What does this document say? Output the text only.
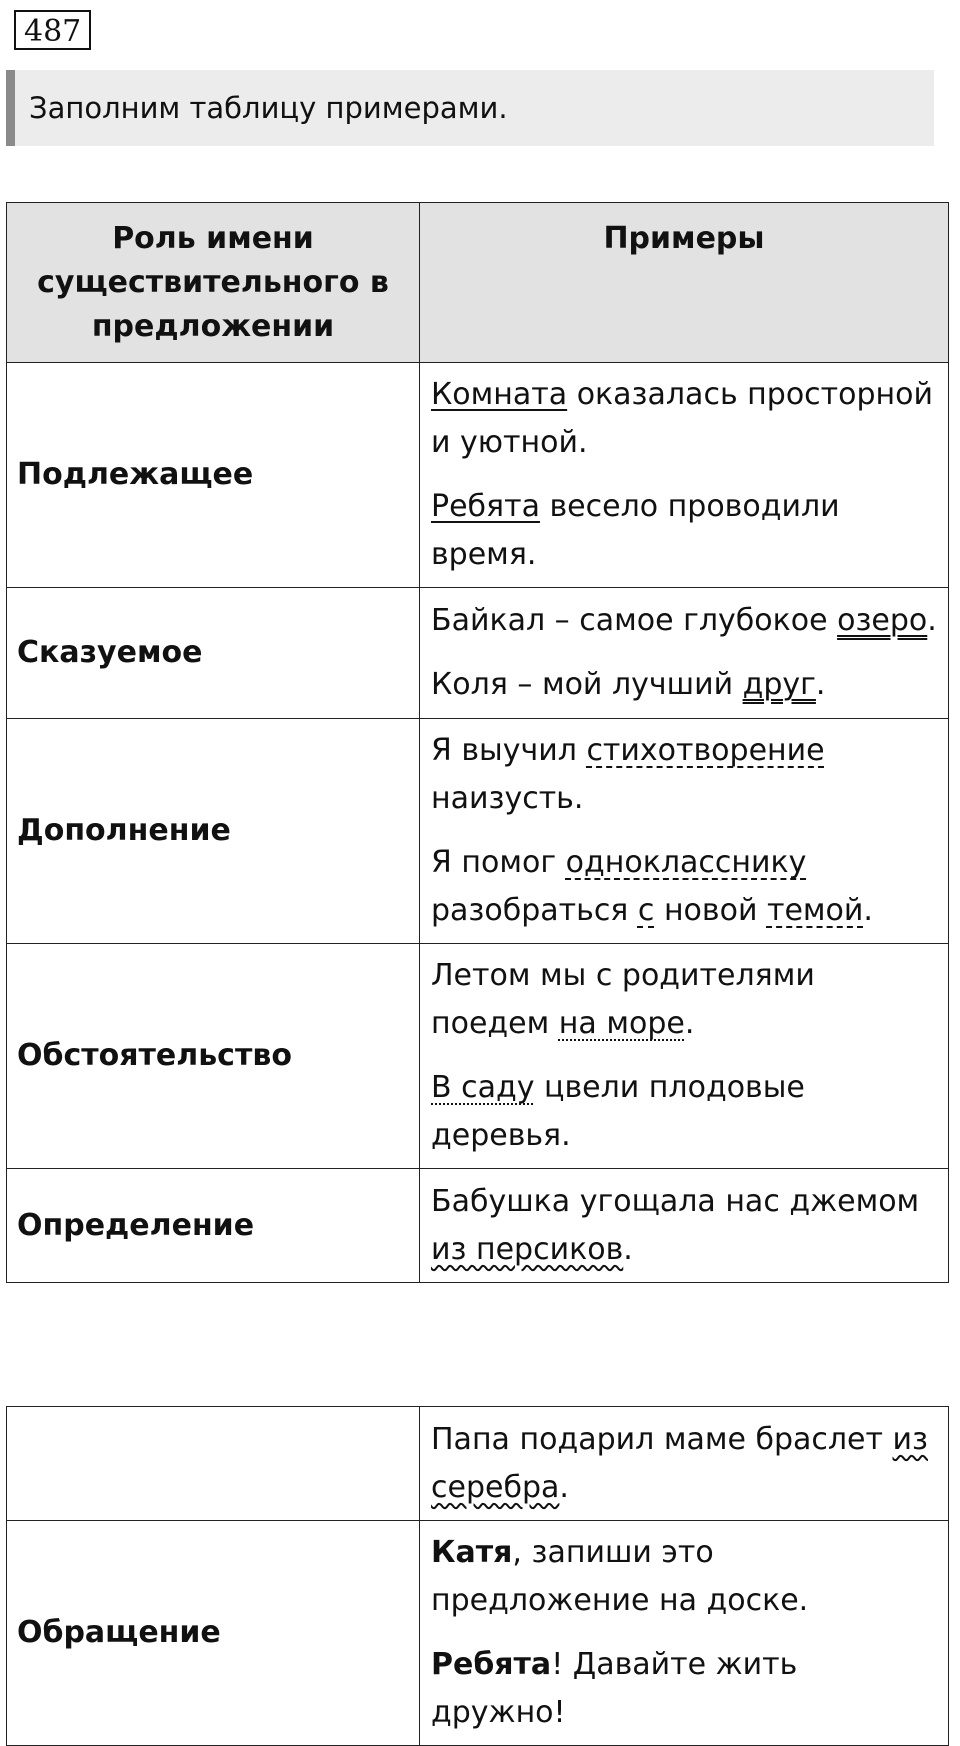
487
Заполним таблицу примерами.
Роль имени существительного в предложении	Примеры
Подлежащее	Комната оказалась просторной и уютной.

Ребята весело проводили время.

Сказуемое	Байкал – самое глубокое озеро.

Коля – мой лучший друг.

Дополнение	Я выучил стихотворение наизусть.

Я помог однокласснику разобраться с новой темой.

Обстоятельство	Летом мы с родителями поедем на море.

В саду цвели плодовые деревья.

Определение	Бабушка угощала нас джемом из персиков.

	Папа подарил маме браслет из серебра.

Обращение	Катя, запиши это предложение на доске.

Ребята! Давайте жить дружно!
